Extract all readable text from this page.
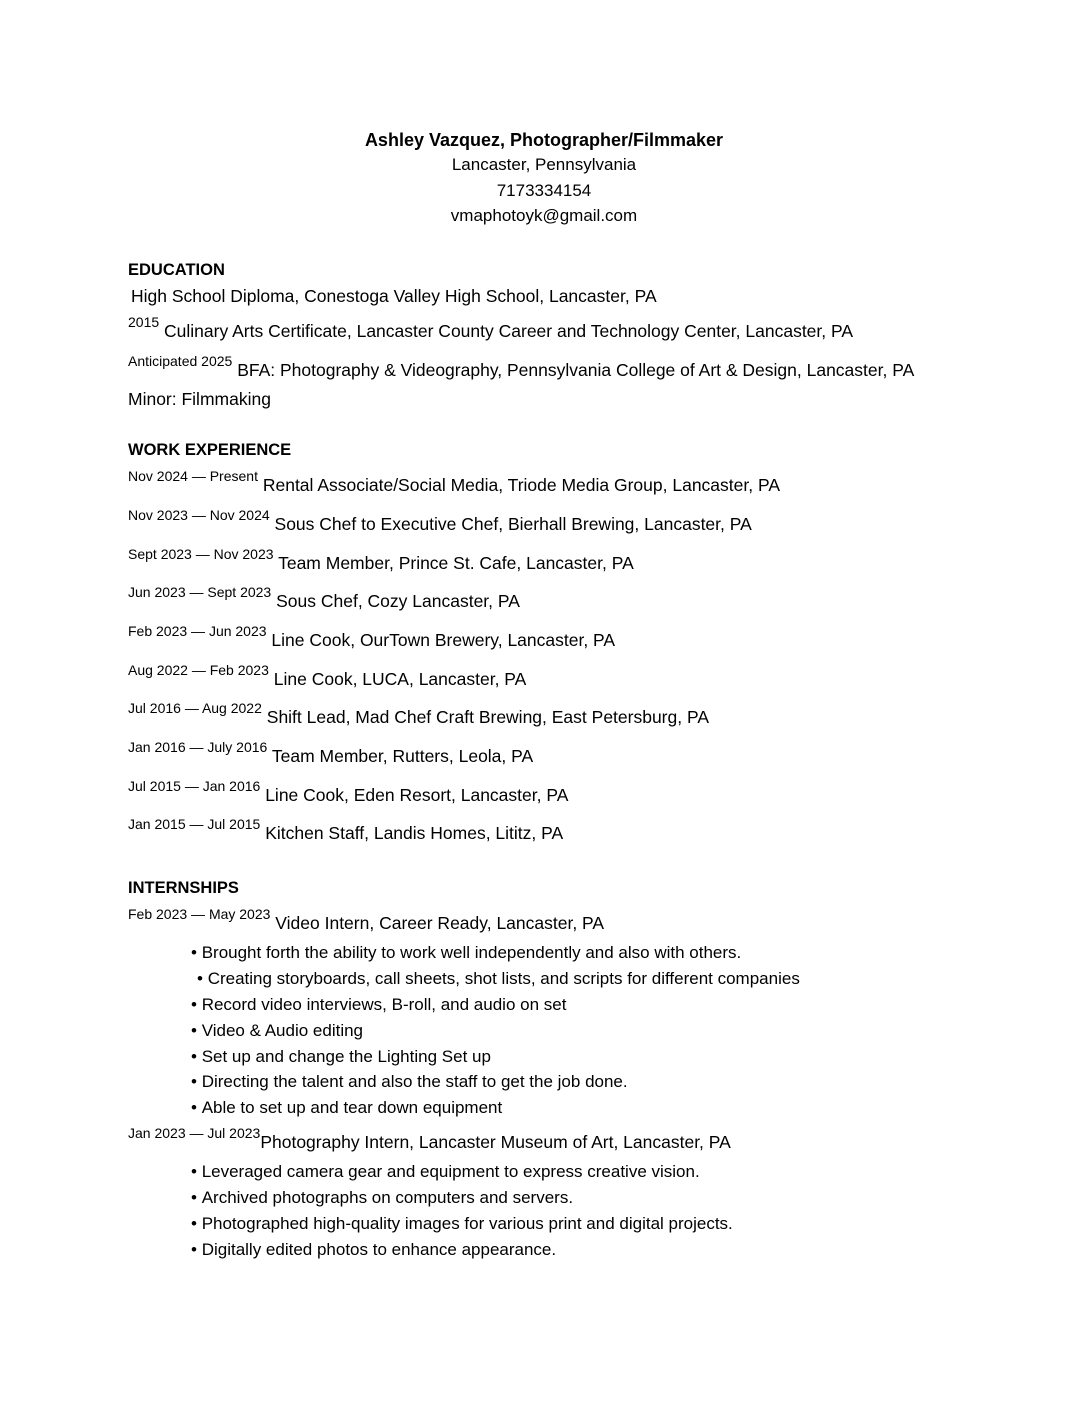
Ashley Vazquez, Photographer/Filmmaker
Lancaster, Pennsylvania
7173334154
vmaphotoyk@gmail.com
EDUCATION
High School Diploma, Conestoga Valley High School, Lancaster, PA
$^{2015}$ Culinary Arts Certificate, Lancaster County Career and Technology Center, Lancaster, PA
$^{Anticipated 2025}$ BFA: Photography & Videography, Pennsylvania College of Art & Design, Lancaster, PA
Minor: Filmmaking
WORK EXPERIENCE
$^{Nov 2024 — Present}$ Rental Associate/Social Media, Triode Media Group, Lancaster, PA
$^{Nov 2023 — Nov 2024}$ Sous Chef to Executive Chef, Bierhall Brewing, Lancaster, PA
$^{Sept 2023 — Nov 2023}$ Team Member, Prince St. Cafe, Lancaster, PA
$^{Jun 2023 — Sept 2023}$ Sous Chef, Cozy Lancaster, PA
$^{Feb 2023 — Jun 2023}$ Line Cook, OurTown Brewery, Lancaster, PA
$^{Aug 2022 — Feb 2023}$ Line Cook, LUCA, Lancaster, PA
$^{Jul 2016 — Aug 2022}$ Shift Lead, Mad Chef Craft Brewing, East Petersburg, PA
$^{Jan 2016 — July 2016}$ Team Member, Rutters, Leola, PA
$^{Jul 2015 — Jan 2016}$ Line Cook, Eden Resort, Lancaster, PA
$^{Jan 2015 — Jul 2015}$ Kitchen Staff, Landis Homes, Lititz, PA
INTERNSHIPS
$^{Feb 2023 — May 2023}$ Video Intern, Career Ready, Lancaster, PA
• Brought forth the ability to work well independently and also with others.
• Creating storyboards, call sheets, shot lists, and scripts for different companies
• Record video interviews, B-roll, and audio on set
• Video & Audio editing
• Set up and change the Lighting Set up
• Directing the talent and also the staff to get the job done.
• Able to set up and tear down equipment
$^{Jan 2023 — Jul 2023}$Photography Intern, Lancaster Museum of Art, Lancaster, PA
• Leveraged camera gear and equipment to express creative vision.
• Archived photographs on computers and servers.
• Photographed high-quality images for various print and digital projects.
• Digitally edited photos to enhance appearance.
